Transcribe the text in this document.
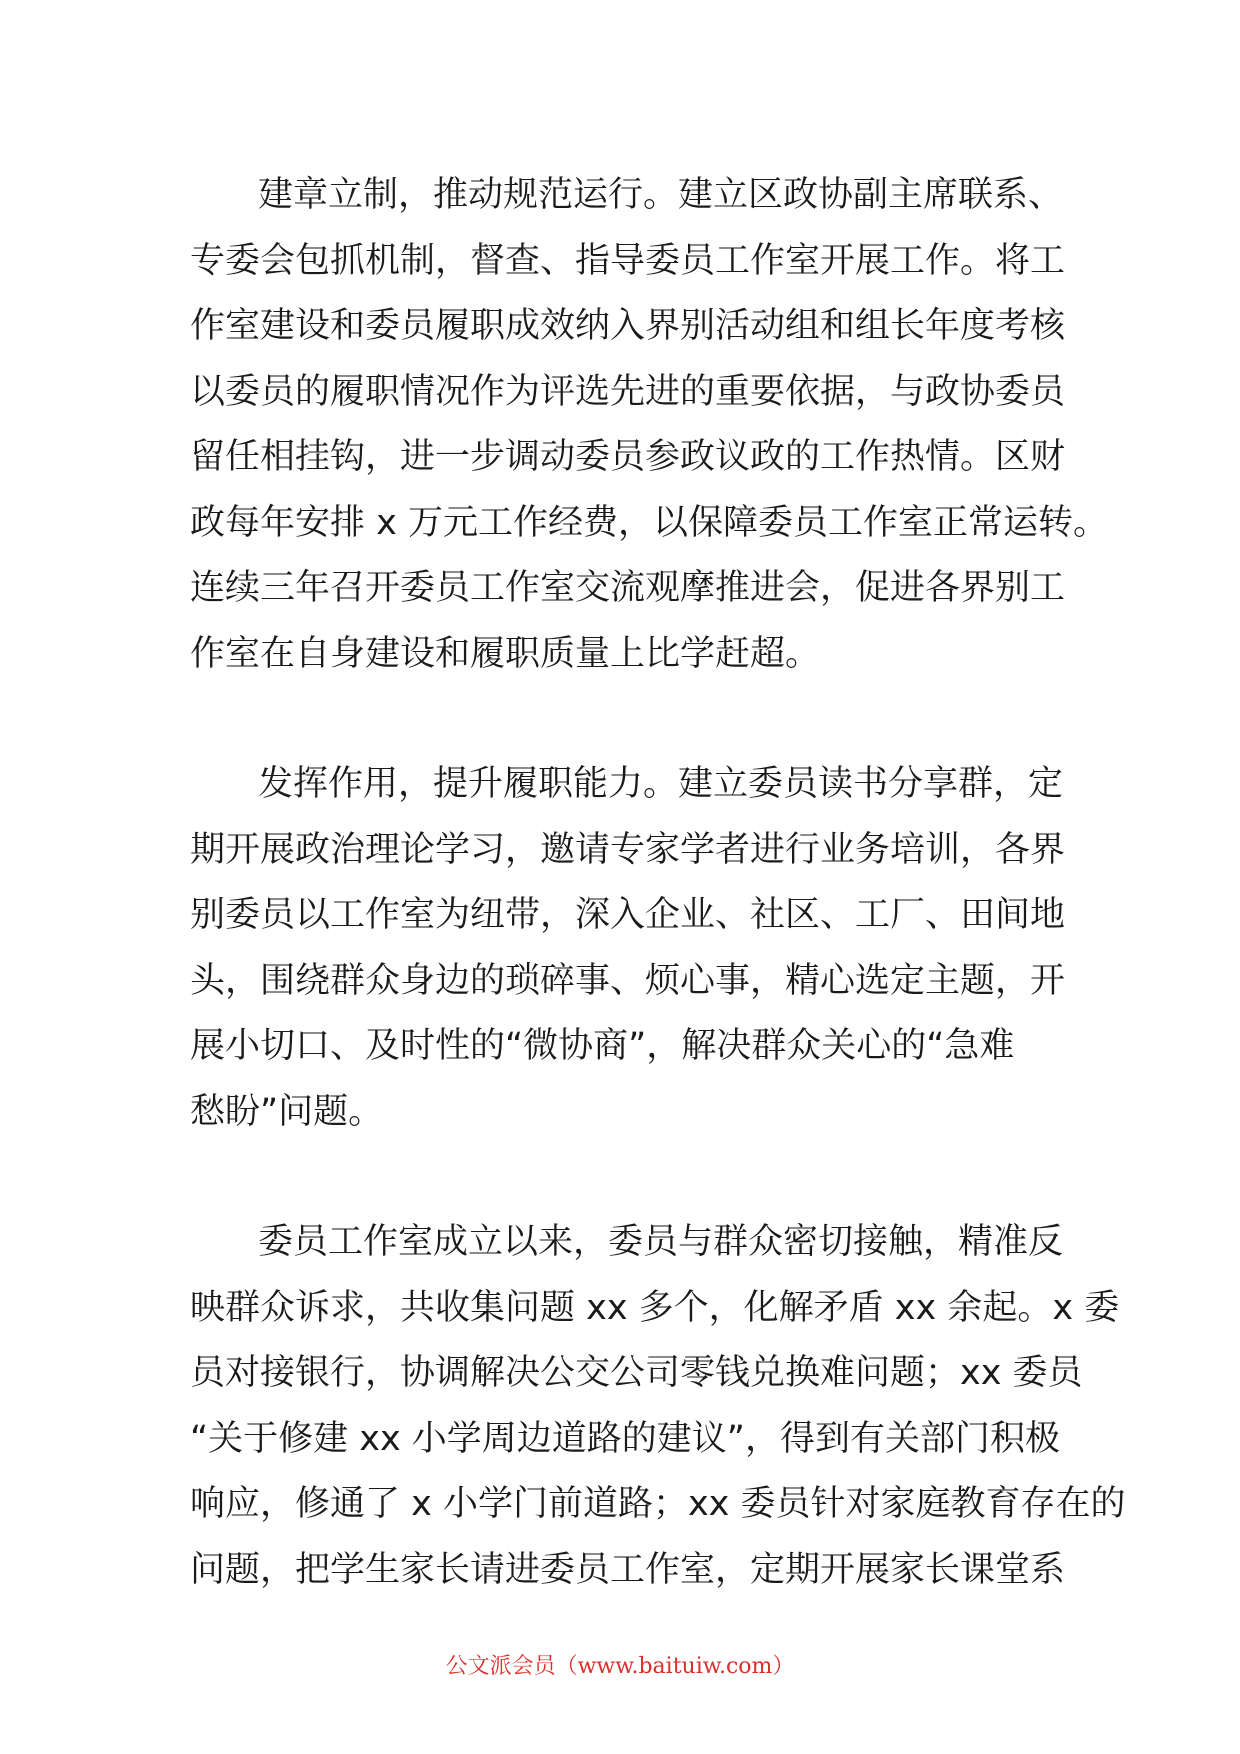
建章立制，推动规范运行。建立区政协副主席联系、
专委会包抓机制，督查、指导委员工作室开展工作。将工
作室建设和委员履职成效纳入界别活动组和组长年度考核
以委员的履职情况作为评选先进的重要依据，与政协委员
留任相挂钩，进一步调动委员参政议政的工作热情。区财
政每年安排 x 万元工作经费，以保障委员工作室正常运转。
连续三年召开委员工作室交流观摩推进会，促进各界别工
作室在自身建设和履职质量上比学赶超。

发挥作用，提升履职能力。建立委员读书分享群，定
期开展政治理论学习，邀请专家学者进行业务培训，各界
别委员以工作室为纽带，深入企业、社区、工厂、田间地
头，围绕群众身边的琐碎事、烦心事，精心选定主题，开
展小切口、及时性的“微协商”，解决群众关心的“急难
愁盼”问题。

委员工作室成立以来，委员与群众密切接触，精准反
映群众诉求，共收集问题 xx 多个，化解矛盾 xx 余起。x 委
员对接银行，协调解决公交公司零钱兑换难问题；xx 委员
“关于修建 xx 小学周边道路的建议”，得到有关部门积极
响应，修通了 x 小学门前道路；xx 委员针对家庭教育存在的
问题，把学生家长请进委员工作室，定期开展家长课堂系

公文派会员（www.baituiw.com）
